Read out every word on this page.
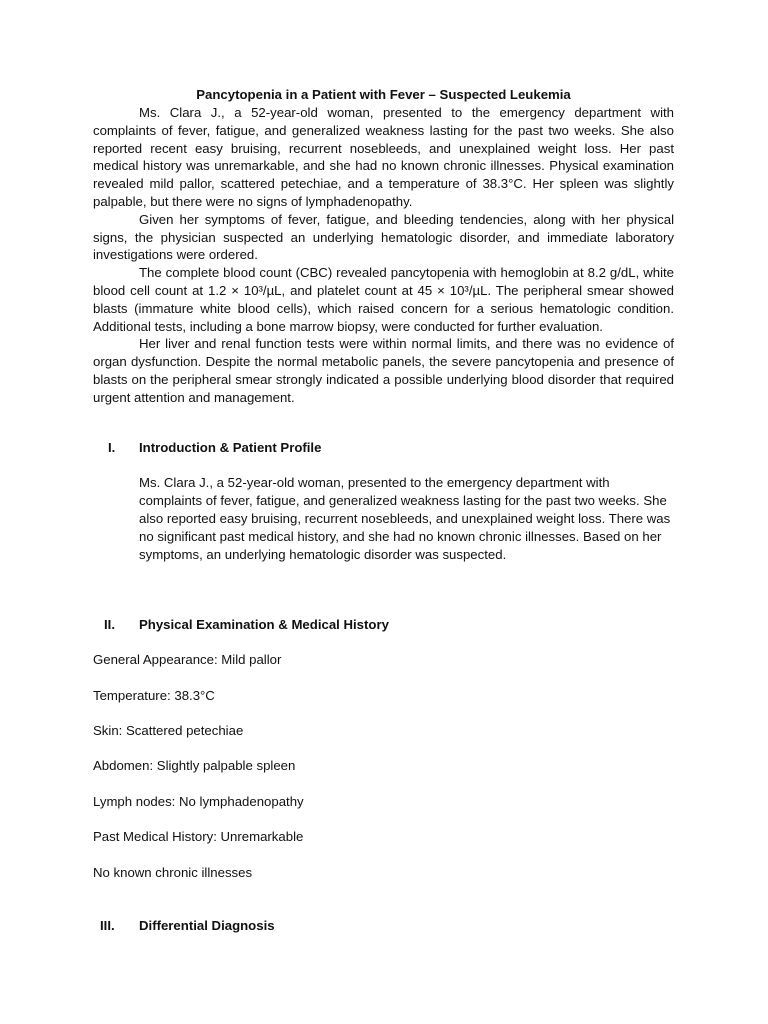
Pancytopenia in a Patient with Fever – Suspected Leukemia

Ms. Clara J., a 52-year-old woman, presented to the emergency department with complaints of fever, fatigue, and generalized weakness lasting for the past two weeks. She also reported recent easy bruising, recurrent nosebleeds, and unexplained weight loss. Her past medical history was unremarkable, and she had no known chronic illnesses. Physical examination revealed mild pallor, scattered petechiae, and a temperature of 38.3°C. Her spleen was slightly palpable, but there were no signs of lymphadenopathy.

Given her symptoms of fever, fatigue, and bleeding tendencies, along with her physical signs, the physician suspected an underlying hematologic disorder, and immediate laboratory investigations were ordered.

The complete blood count (CBC) revealed pancytopenia with hemoglobin at 8.2 g/dL, white blood cell count at 1.2 × 10³/µL, and platelet count at 45 × 10³/µL. The peripheral smear showed blasts (immature white blood cells), which raised concern for a serious hematologic condition. Additional tests, including a bone marrow biopsy, were conducted for further evaluation.

Her liver and renal function tests were within normal limits, and there was no evidence of organ dysfunction. Despite the normal metabolic panels, the severe pancytopenia and presence of blasts on the peripheral smear strongly indicated a possible underlying blood disorder that required urgent attention and management.

I. Introduction & Patient Profile

Ms. Clara J., a 52-year-old woman, presented to the emergency department with complaints of fever, fatigue, and generalized weakness lasting for the past two weeks. She also reported easy bruising, recurrent nosebleeds, and unexplained weight loss. There was no significant past medical history, and she had no known chronic illnesses. Based on her symptoms, an underlying hematologic disorder was suspected.

II. Physical Examination & Medical History
General Appearance: Mild pallor
Temperature: 38.3°C
Skin: Scattered petechiae
Abdomen: Slightly palpable spleen
Lymph nodes: No lymphadenopathy
Past Medical History: Unremarkable
No known chronic illnesses
III. Differential Diagnosis
